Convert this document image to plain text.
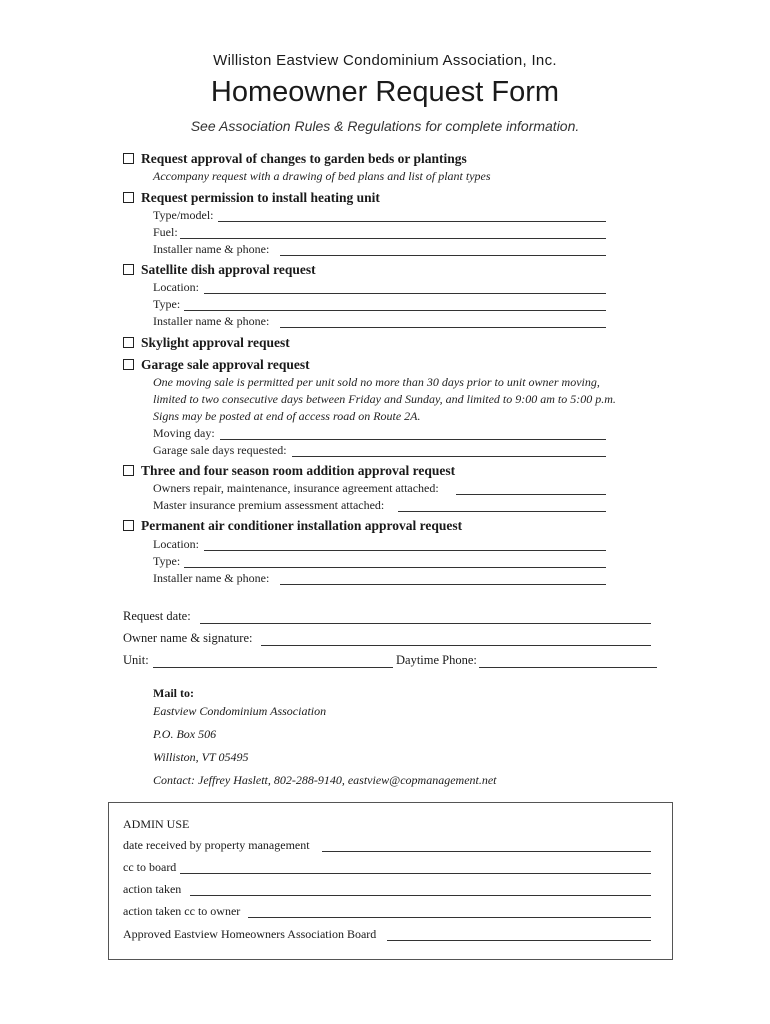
Williston Eastview Condominium Association, Inc.
Homeowner Request Form
See Association Rules & Regulations for complete information.
Request approval of changes to garden beds or plantings
Accompany request with a drawing of bed plans and list of plant types
Request permission to install heating unit
Type/model:
Fuel:
Installer name & phone:
Satellite dish approval request
Location:
Type:
Installer name & phone:
Skylight approval request
Garage sale approval request
One moving sale is permitted per unit sold no more than 30 days prior to unit owner moving,
limited to two consecutive days between Friday and Sunday, and limited to 9:00 am to 5:00 p.m.
Signs may be posted at end of access road on Route 2A.
Moving day:
Garage sale days requested:
Three and four season room addition approval request
Owners repair, maintenance, insurance agreement attached:
Master insurance premium assessment attached:
Permanent air conditioner installation approval request
Location:
Type:
Installer name & phone:
Request date:
Owner name & signature:
Unit:	Daytime Phone:
Mail to:
Eastview Condominium Association
P.O. Box 506
Williston, VT 05495
Contact: Jeffrey Haslett, 802-288-9140, eastview@copmanagement.net
ADMIN USE
date received by property management
cc to board
action taken
action taken cc to owner
Approved Eastview Homeowners Association Board
